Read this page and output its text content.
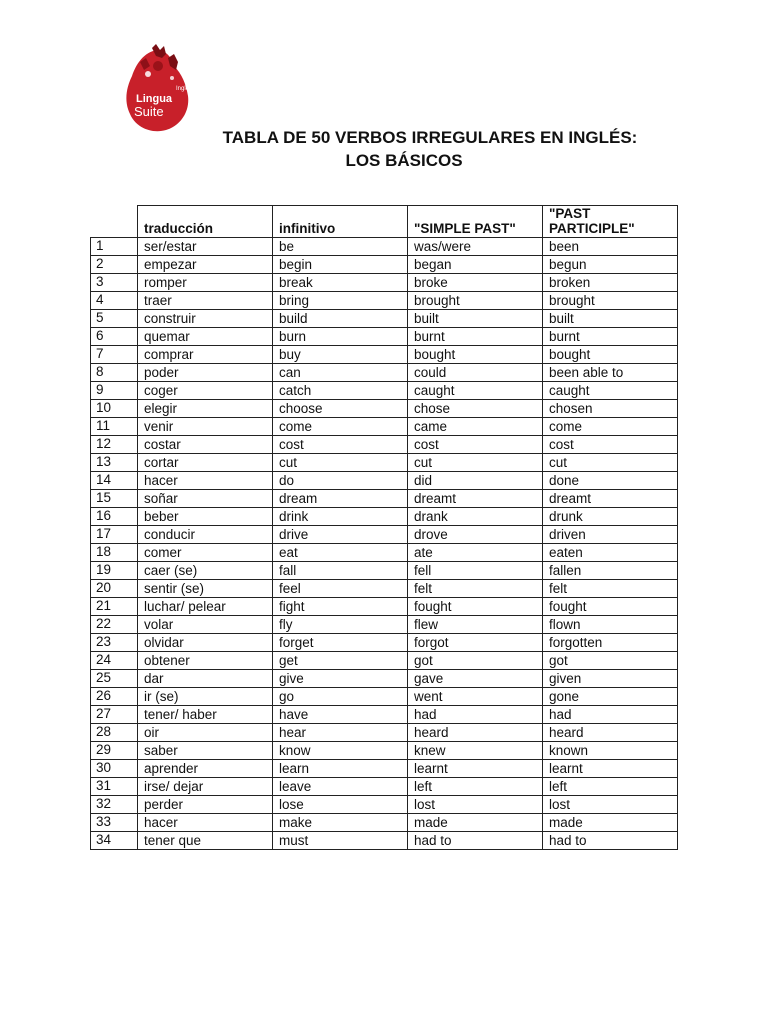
Inglés & más
Lingua
Suite
TABLA DE 50 VERBOS IRREGULARES EN INGLÉS:
LOS BÁSICOS
	traducción	infinitivo	"SIMPLE PAST"	"PAST
PARTICIPLE"
1	ser/estar	be	was/were	been
2	empezar	begin	began	begun
3	romper	break	broke	broken
4	traer	bring	brought	brought
5	construir	build	built	built
6	quemar	burn	burnt	burnt
7	comprar	buy	bought	bought
8	poder	can	could	been able to
9	coger	catch	caught	caught
10	elegir	choose	chose	chosen
11	venir	come	came	come
12	costar	cost	cost	cost
13	cortar	cut	cut	cut
14	hacer	do	did	done
15	soñar	dream	dreamt	dreamt
16	beber	drink	drank	drunk
17	conducir	drive	drove	driven
18	comer	eat	ate	eaten
19	caer (se)	fall	fell	fallen
20	sentir (se)	feel	felt	felt
21	luchar/ pelear	fight	fought	fought
22	volar	fly	flew	flown
23	olvidar	forget	forgot	forgotten
24	obtener	get	got	got
25	dar	give	gave	given
26	ir (se)	go	went	gone
27	tener/ haber	have	had	had
28	oir	hear	heard	heard
29	saber	know	knew	known
30	aprender	learn	learnt	learnt
31	irse/ dejar	leave	left	left
32	perder	lose	lost	lost
33	hacer	make	made	made
34	tener que	must	had to	had to
